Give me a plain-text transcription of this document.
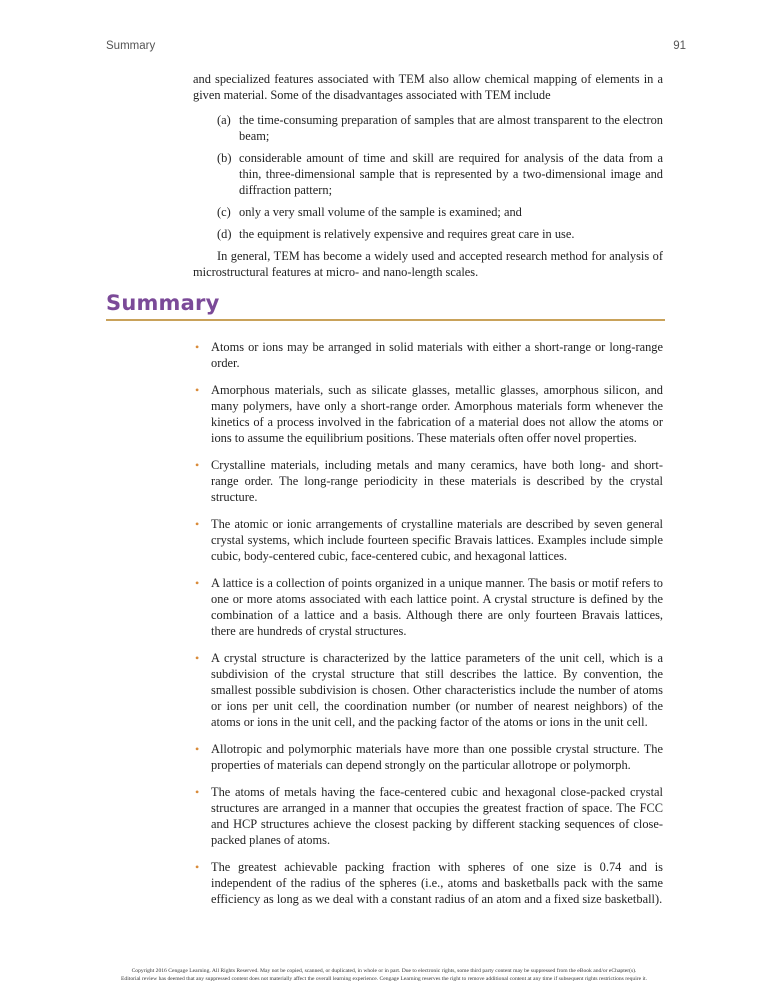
Summary	91

and specialized features associated with TEM also allow chemical mapping of elements in a given material. Some of the disadvantages associated with TEM include

(a) the time-consuming preparation of samples that are almost transparent to the electron beam;
(b) considerable amount of time and skill are required for analysis of the data from a thin, three-dimensional sample that is represented by a two-dimensional image and diffraction pattern;
(c) only a very small volume of the sample is examined; and
(d) the equipment is relatively expensive and requires great care in use.

In general, TEM has become a widely used and accepted research method for analysis of microstructural features at micro- and nano-length scales.

Summary
• Atoms or ions may be arranged in solid materials with either a short-range or long-range order.
• Amorphous materials, such as silicate glasses, metallic glasses, amorphous silicon, and many polymers, have only a short-range order. Amorphous materials form whenever the kinetics of a process involved in the fabrication of a material does not allow the atoms or ions to assume the equilibrium positions. These materials often offer novel properties.
• Crystalline materials, including metals and many ceramics, have both long- and short-range order. The long-range periodicity in these materials is described by the crystal structure.
• The atomic or ionic arrangements of crystalline materials are described by seven general crystal systems, which include fourteen specific Bravais lattices. Examples include simple cubic, body-centered cubic, face-centered cubic, and hexagonal lattices.
• A lattice is a collection of points organized in a unique manner. The basis or motif refers to one or more atoms associated with each lattice point. A crystal structure is defined by the combination of a lattice and a basis. Although there are only fourteen Bravais lattices, there are hundreds of crystal structures.
• A crystal structure is characterized by the lattice parameters of the unit cell, which is a subdivision of the crystal structure that still describes the lattice. By convention, the smallest possible subdivision is chosen. Other characteristics include the number of atoms or ions per unit cell, the coordination number (or number of nearest neighbors) of the atoms or ions in the unit cell, and the packing factor of the atoms or ions in the unit cell.
• Allotropic and polymorphic materials have more than one possible crystal structure. The properties of materials can depend strongly on the particular allotrope or polymorph.
• The atoms of metals having the face-centered cubic and hexagonal close-packed crystal structures are arranged in a manner that occupies the greatest fraction of space. The FCC and HCP structures achieve the closest packing by different stacking sequences of close-packed planes of atoms.
• The greatest achievable packing fraction with spheres of one size is 0.74 and is independent of the radius of the spheres (i.e., atoms and basketballs pack with the same efficiency as long as we deal with a constant radius of an atom and a fixed size basketball).
Copyright 2016 Cengage Learning. All Rights Reserved. May not be copied, scanned, or duplicated, in whole or in part. Due to electronic rights, some third party content may be suppressed from the eBook and/or eChapter(s).
Editorial review has deemed that any suppressed content does not materially affect the overall learning experience. Cengage Learning reserves the right to remove additional content at any time if subsequent rights restrictions require it.
